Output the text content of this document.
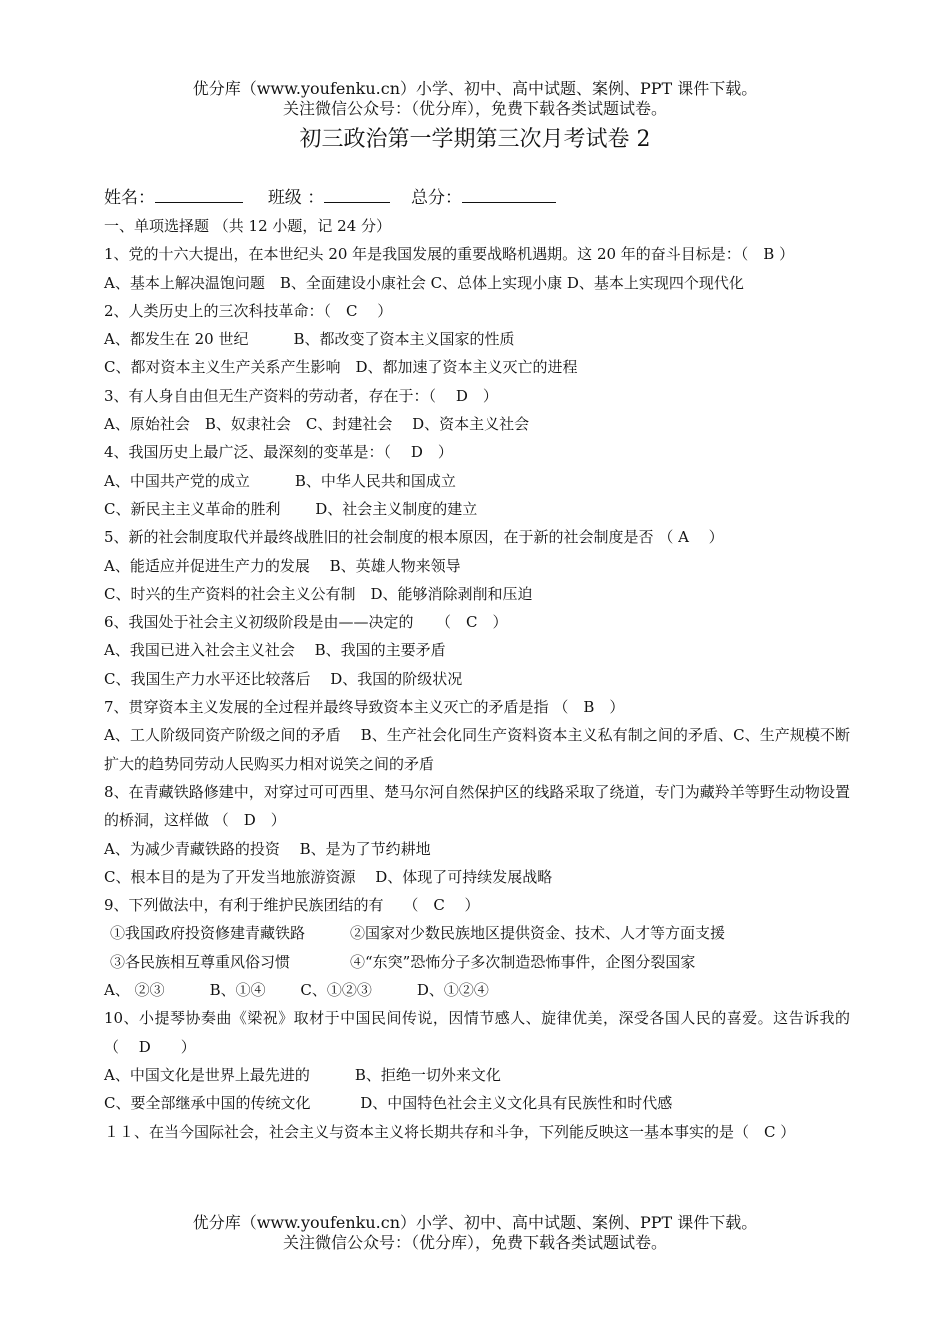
优分库（www.youfenku.cn）小学、初中、高中试题、案例、PPT 课件下载。
关注微信公众号：（优分库），免费下载各类试题试卷。
初三政治第一学期第三次月考试卷 2
姓名：	班级 ：	总分：
一、单项选择题 （共 12 小题，记 24 分）
1、党的十六大提出，在本世纪头 20 年是我国发展的重要战略机遇期。这 20 年的奋斗目标是：（　B ）
A、基本上解决温饱问题　B、全面建设小康社会 C、总体上实现小康 D、基本上实现四个现代化
2、人类历史上的三次科技革命：（　C　 ）
A、都发生在 20 世纪　　　B、都改变了资本主义国家的性质
C、都对资本主义生产关系产生影响　D、都加速了资本主义灭亡的进程
3、有人身自由但无生产资料的劳动者，存在于：（　 D　）
A、原始社会　B、奴隶社会　C、封建社会　 D、资本主义社会
4、我国历史上最广泛、最深刻的变革是：（　 D　）
A、中国共产党的成立　　　B、中华人民共和国成立
C、新民主主义革命的胜利　　 D、社会主义制度的建立
5、新的社会制度取代并最终战胜旧的社会制度的根本原因，在于新的社会制度是否 （ A　 ）
A、能适应并促进生产力的发展　 B、英雄人物来领导
C、时兴的生产资料的社会主义公有制　D、能够消除剥削和压迫
6、我国处于社会主义初级阶段是由——决定的　　（　C　）
A、我国已进入社会主义社会　 B、我国的主要矛盾
C、我国生产力水平还比较落后　 D、我国的阶级状况
7、贯穿资本主义发展的全过程并最终导致资本主义灭亡的矛盾是指 （　B　）
A、工人阶级同资产阶级之间的矛盾　 B、生产社会化同生产资料资本主义私有制之间的矛盾、C、生产规模不断扩大的趋势同劳动人民购买力相对说笑之间的矛盾
8、在青藏铁路修建中，对穿过可可西里、楚马尔河自然保护区的线路采取了绕道，专门为藏羚羊等野生动物设置的桥洞，这样做 （　D　）
A、为减少青藏铁路的投资　 B、是为了节约耕地
C、根本目的是为了开发当地旅游资源　 D、体现了可持续发展战略
9、下列做法中，有利于维护民族团结的有　 （　C　 ）
①我国政府投资修建青藏铁路　　　②国家对少数民族地区提供资金、技术、人才等方面支援
③各民族相互尊重风俗习惯　　　　④“东突”恐怖分子多次制造恐怖事件，企图分裂国家
A、 ②③　　　B、①④　　 C、①②③　　　D、①②④
10、小提琴协奏曲《梁祝》取材于中国民间传说，因情节感人、旋律优美，深受各国人民的喜爱。这告诉我的　　（　 D　　）
A、中国文化是世界上最先进的　　　B、拒绝一切外来文化
C、要全部继承中国的传统文化　　　 D、中国特色社会主义文化具有民族性和时代感
１１、在当今国际社会，社会主义与资本主义将长期共存和斗争，下列能反映这一基本事实的是（　C ）
优分库（www.youfenku.cn）小学、初中、高中试题、案例、PPT 课件下载。
关注微信公众号：（优分库），免费下载各类试题试卷。
